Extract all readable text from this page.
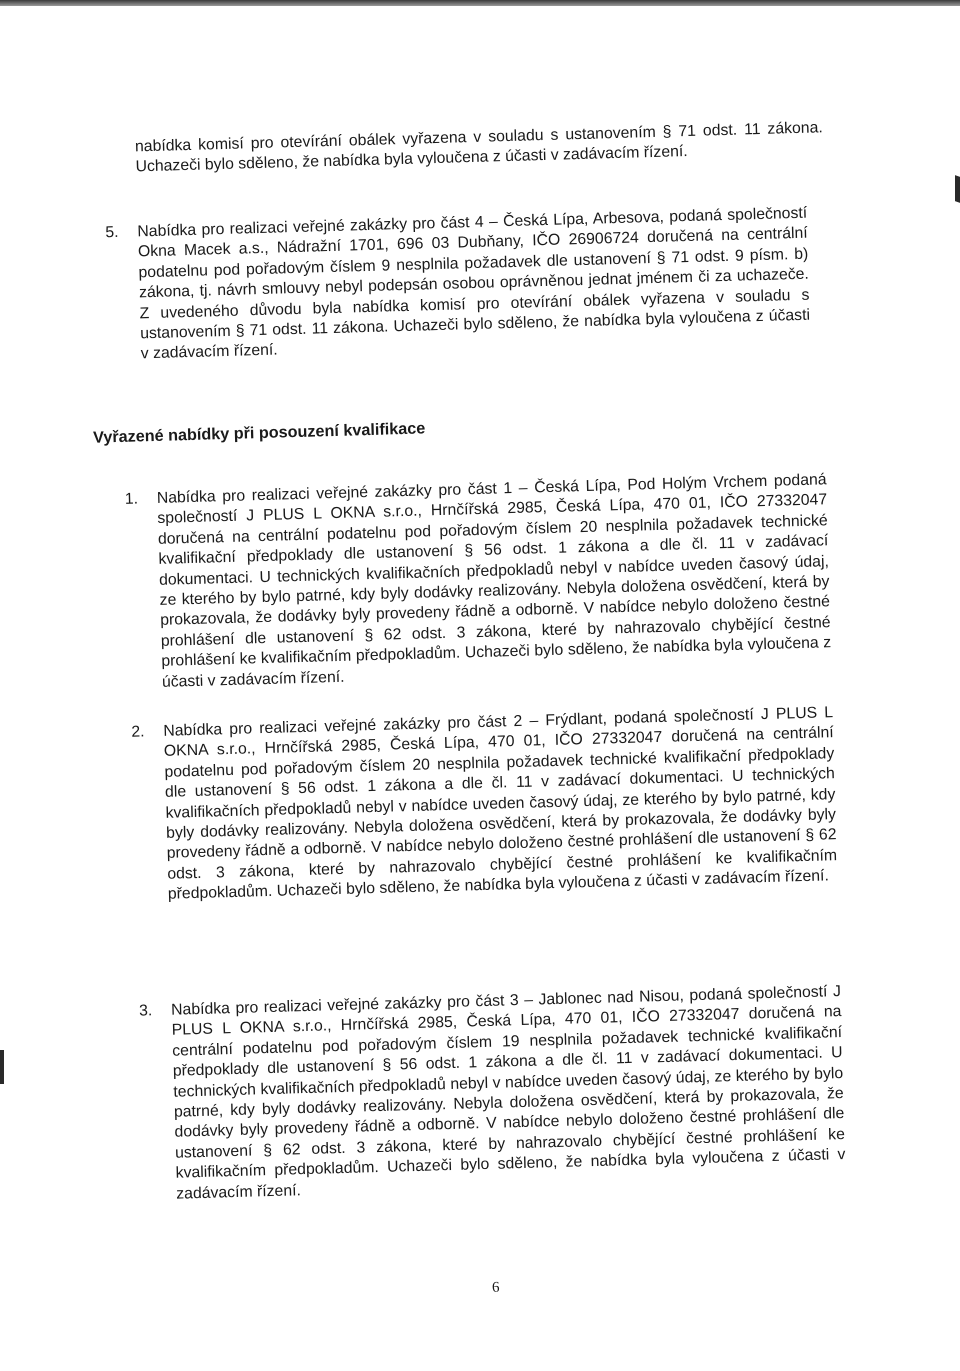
nabídka komisí pro otevírání obálek vyřazena v souladu s ustanovením § 71 odst. 11 zákona. Uchazeči bylo sděleno, že nabídka byla vyloučena z účasti v zadávacím řízení.
5. Nabídka pro realizaci veřejné zakázky pro část 4 – Česká Lípa, Arbesova, podaná společností Okna Macek a.s., Nádražní 1701, 696 03 Dubňany, IČO 26906724 doručená na centrální podatelnu pod pořadovým číslem 9 nesplnila požadavek dle ustanovení § 71 odst. 9 písm. b) zákona, tj. návrh smlouvy nebyl podepsán osobou oprávněnou jednat jménem či za uchazeče. Z uvedeného důvodu byla nabídka komisí pro otevírání obálek vyřazena v souladu s ustanovením § 71 odst. 11 zákona. Uchazeči bylo sděleno, že nabídka byla vyloučena z účasti v zadávacím řízení.
Vyřazené nabídky při posouzení kvalifikace
1. Nabídka pro realizaci veřejné zakázky pro část 1 – Česká Lípa, Pod Holým Vrchem podaná společností J PLUS L OKNA s.r.o., Hrnčířská 2985, Česká Lípa, 470 01, IČO 27332047 doručená na centrální podatelnu pod pořadovým číslem 20 nesplnila požadavek technické kvalifikační předpoklady dle ustanovení § 56 odst. 1 zákona a dle čl. 11 v zadávací dokumentaci. U technických kvalifikačních předpokladů nebyl v nabídce uveden časový údaj, ze kterého by bylo patrné, kdy byly dodávky realizovány. Nebyla doložena osvědčení, která by prokazovala, že dodávky byly provedeny řádně a odborně. V nabídce nebylo doloženo čestné prohlášení dle ustanovení § 62 odst. 3 zákona, které by nahrazovalo chybějící čestné prohlášení ke kvalifikačním předpokladům. Uchazeči bylo sděleno, že nabídka byla vyloučena z účasti v zadávacím řízení.
2. Nabídka pro realizaci veřejné zakázky pro část 2 – Frýdlant, podaná společností J PLUS L OKNA s.r.o., Hrnčířská 2985, Česká Lípa, 470 01, IČO 27332047 doručená na centrální podatelnu pod pořadovým číslem 20 nesplnila požadavek technické kvalifikační předpoklady dle ustanovení § 56 odst. 1 zákona a dle čl. 11 v zadávací dokumentaci. U technických kvalifikačních předpokladů nebyl v nabídce uveden časový údaj, ze kterého by bylo patrné, kdy byly dodávky realizovány. Nebyla doložena osvědčení, která by prokazovala, že dodávky byly provedeny řádně a odborně. V nabídce nebylo doloženo čestné prohlášení dle ustanovení § 62 odst. 3 zákona, které by nahrazovalo chybějící čestné prohlášení ke kvalifikačním předpokladům. Uchazeči bylo sděleno, že nabídka byla vyloučena z účasti v zadávacím řízení.
3. Nabídka pro realizaci veřejné zakázky pro část 3 – Jablonec nad Nisou, podaná společností J PLUS L OKNA s.r.o., Hrnčířská 2985, Česká Lípa, 470 01, IČO 27332047 doručená na centrální podatelnu pod pořadovým číslem 19 nesplnila požadavek technické kvalifikační předpoklady dle ustanovení § 56 odst. 1 zákona a dle čl. 11 v zadávací dokumentaci. U technických kvalifikačních předpokladů nebyl v nabídce uveden časový údaj, ze kterého by bylo patrné, kdy byly dodávky realizovány. Nebyla doložena osvědčení, která by prokazovala, že dodávky byly provedeny řádně a odborně. V nabídce nebylo doloženo čestné prohlášení dle ustanovení § 62 odst. 3 zákona, které by nahrazovalo chybějící čestné prohlášení ke kvalifikačním předpokladům. Uchazeči bylo sděleno, že nabídka byla vyloučena z účasti v zadávacím řízení.
6
